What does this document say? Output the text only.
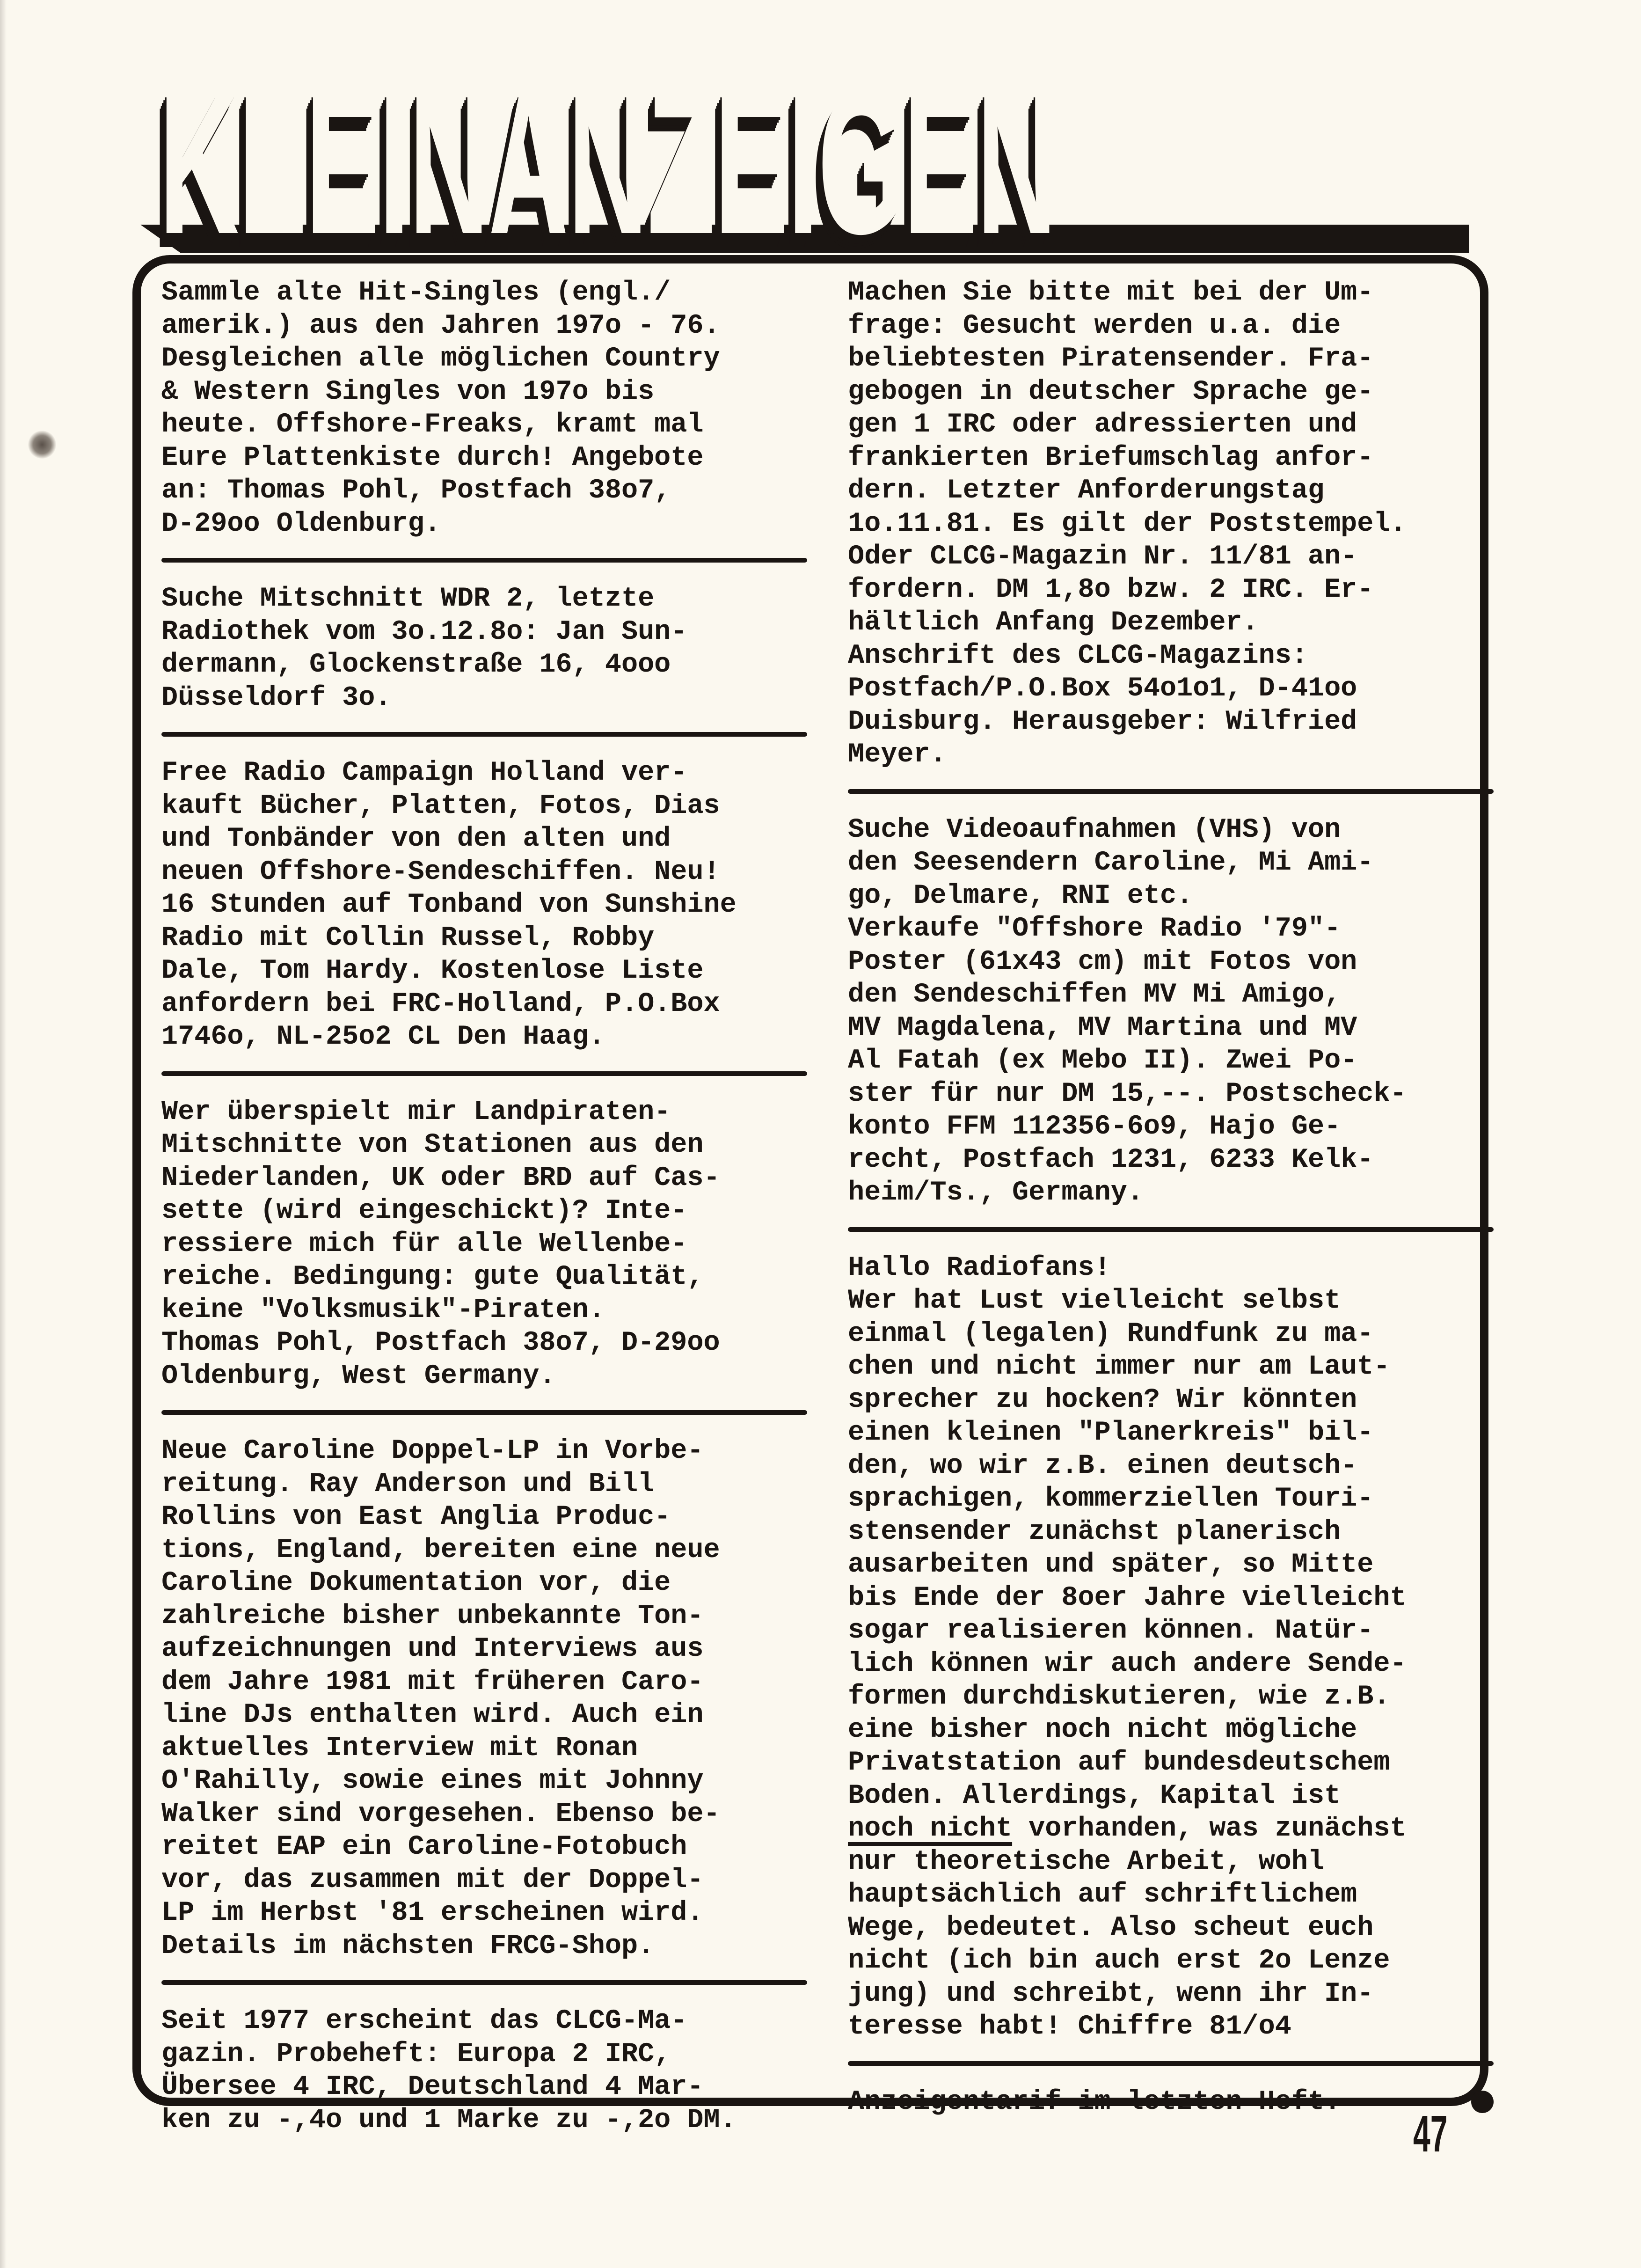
K L E I N A N Z E I G E N

Sammle alte Hit-Singles (engl./

amerik.) aus den Jahren 197o - 76.

Desgleichen alle möglichen Country

& Western Singles von 197o bis

heute. Offshore-Freaks, kramt mal

Eure Plattenkiste durch! Angebote

an: Thomas Pohl, Postfach 38o7,

D-29oo Oldenburg.

Suche Mitschnitt WDR 2, letzte

Radiothek vom 3o.12.8o: Jan Sun-

dermann, Glockenstraße 16, 4ooo

Düsseldorf 3o.

Free Radio Campaign Holland ver-

kauft Bücher, Platten, Fotos, Dias

und Tonbänder von den alten und

neuen Offshore-Sendeschiffen. Neu!

16 Stunden auf Tonband von Sunshine

Radio mit Collin Russel, Robby

Dale, Tom Hardy. Kostenlose Liste

anfordern bei FRC-Holland, P.O.Box

1746o, NL-25o2 CL Den Haag.

Wer überspielt mir Landpiraten-

Mitschnitte von Stationen aus den

Niederlanden, UK oder BRD auf Cas-

sette (wird eingeschickt)? Inte-

ressiere mich für alle Wellenbe-

reiche. Bedingung: gute Qualität,

keine "Volksmusik"-Piraten.

Thomas Pohl, Postfach 38o7, D-29oo

Oldenburg, West Germany.

Neue Caroline Doppel-LP in Vorbe-

reitung. Ray Anderson und Bill

Rollins von East Anglia Produc-

tions, England, bereiten eine neue

Caroline Dokumentation vor, die

zahlreiche bisher unbekannte Ton-

aufzeichnungen und Interviews aus

dem Jahre 1981 mit früheren Caro-

line DJs enthalten wird. Auch ein

aktuelles Interview mit Ronan

O'Rahilly, sowie eines mit Johnny

Walker sind vorgesehen. Ebenso be-

reitet EAP ein Caroline-Fotobuch

vor, das zusammen mit der Doppel-

LP im Herbst '81 erscheinen wird.

Details im nächsten FRCG-Shop.

Seit 1977 erscheint das CLCG-Ma-

gazin. Probeheft: Europa 2 IRC,

Übersee 4 IRC, Deutschland 4 Mar-

ken zu -,4o und 1 Marke zu -,2o DM.

Machen Sie bitte mit bei der Um-

frage: Gesucht werden u.a. die

beliebtesten Piratensender. Fra-

gebogen in deutscher Sprache ge-

gen 1 IRC oder adressierten und

frankierten Briefumschlag anfor-

dern. Letzter Anforderungstag

1o.11.81. Es gilt der Poststempel.

Oder CLCG-Magazin Nr. 11/81 an-

fordern. DM 1,8o bzw. 2 IRC. Er-

hältlich Anfang Dezember.

Anschrift des CLCG-Magazins:

Postfach/P.O.Box 54o1o1, D-41oo

Duisburg. Herausgeber: Wilfried

Meyer.

Suche Videoaufnahmen (VHS) von

den Seesendern Caroline, Mi Ami-

go, Delmare, RNI etc.

Verkaufe "Offshore Radio '79"-

Poster (61x43 cm) mit Fotos von

den Sendeschiffen MV Mi Amigo,

MV Magdalena, MV Martina und MV

Al Fatah (ex Mebo II). Zwei Po-

ster für nur DM 15,--. Postscheck-

konto FFM 112356-6o9, Hajo Ge-

recht, Postfach 1231, 6233 Kelk-

heim/Ts., Germany.

Hallo Radiofans!

Wer hat Lust vielleicht selbst

einmal (legalen) Rundfunk zu ma-

chen und nicht immer nur am Laut-

sprecher zu hocken? Wir könnten

einen kleinen "Planerkreis" bil-

den, wo wir z.B. einen deutsch-

sprachigen, kommerziellen Touri-

stensender zunächst planerisch

ausarbeiten und später, so Mitte

bis Ende der 8oer Jahre vielleicht

sogar realisieren können. Natür-

lich können wir auch andere Sende-

formen durchdiskutieren, wie z.B.

eine bisher noch nicht mögliche

Privatstation auf bundesdeutschem

Boden. Allerdings, Kapital ist

noch nicht vorhanden, was zunächst

nur theoretische Arbeit, wohl

hauptsächlich auf schriftlichem

Wege, bedeutet. Also scheut euch

nicht (ich bin auch erst 2o Lenze

jung) und schreibt, wenn ihr In-

teresse habt! Chiffre 81/o4

Anzeigentarif im letzten Heft.
47
